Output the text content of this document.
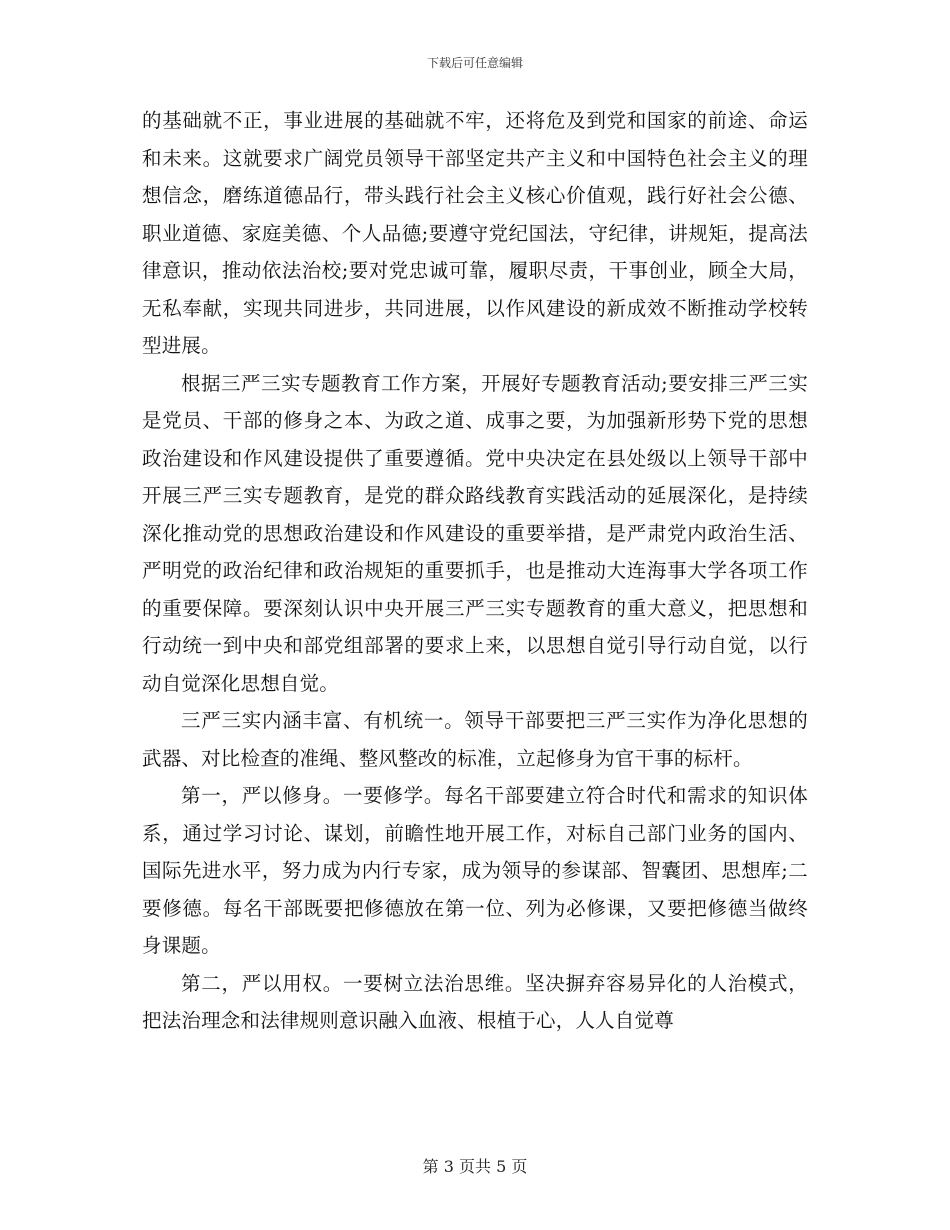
下载后可任意编辑

的基础就不正，事业进展的基础就不牢，还将危及到党和国家的前途、命运和未来。这就要求广阔党员领导干部坚定共产主义和中国特色社会主义的理想信念，磨练道德品行，带头践行社会主义核心价值观，践行好社会公德、职业道德、家庭美德、个人品德;要遵守党纪国法，守纪律，讲规矩，提高法律意识，推动依法治校;要对党忠诚可靠，履职尽责，干事创业，顾全大局，无私奉献，实现共同进步，共同进展，以作风建设的新成效不断推动学校转型进展。

根据三严三实专题教育工作方案，开展好专题教育活动;要安排三严三实是党员、干部的修身之本、为政之道、成事之要，为加强新形势下党的思想政治建设和作风建设提供了重要遵循。党中央决定在县处级以上领导干部中开展三严三实专题教育，是党的群众路线教育实践活动的延展深化，是持续深化推动党的思想政治建设和作风建设的重要举措，是严肃党内政治生活、严明党的政治纪律和政治规矩的重要抓手，也是推动大连海事大学各项工作的重要保障。要深刻认识中央开展三严三实专题教育的重大意义，把思想和行动统一到中央和部党组部署的要求上来，以思想自觉引导行动自觉，以行动自觉深化思想自觉。

三严三实内涵丰富、有机统一。领导干部要把三严三实作为净化思想的武器、对比检查的准绳、整风整改的标准，立起修身为官干事的标杆。

第一，严以修身。一要修学。每名干部要建立符合时代和需求的知识体系，通过学习讨论、谋划，前瞻性地开展工作，对标自己部门业务的国内、国际先进水平，努力成为内行专家，成为领导的参谋部、智囊团、思想库;二要修德。每名干部既要把修德放在第一位、列为必修课，又要把修德当做终身课题。

第二，严以用权。一要树立法治思维。坚决摒弃容易异化的人治模式，把法治理念和法律规则意识融入血液、根植于心，人人自觉尊

第 3 页共 5 页
